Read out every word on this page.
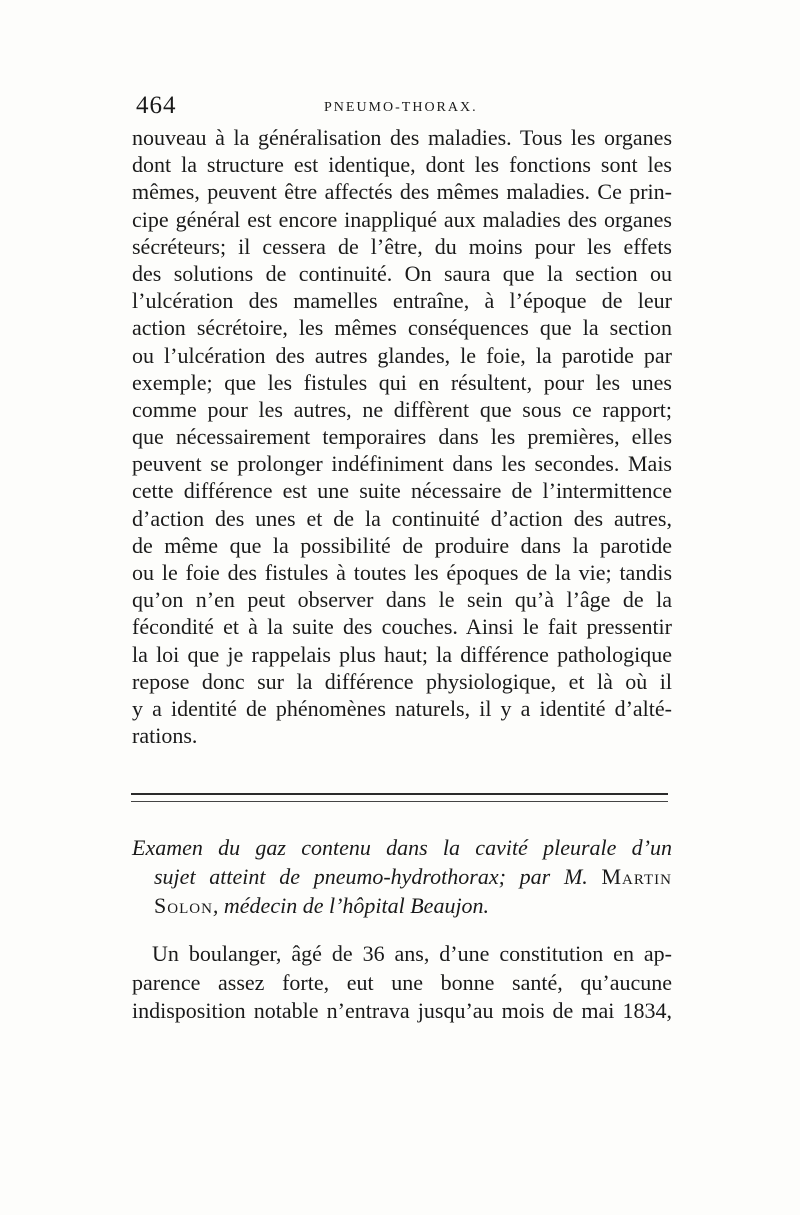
464	PNEUMO-THORAX.
nouveau à la généralisation des maladies. Tous les organes
dont la structure est identique, dont les fonctions sont les
mêmes, peuvent être affectés des mêmes maladies. Ce prin-
cipe général est encore inappliqué aux maladies des organes
sécréteurs; il cessera de l’être, du moins pour les effets
des solutions de continuité. On saura que la section ou
l’ulcération des mamelles entraîne, à l’époque de leur
action sécrétoire, les mêmes conséquences que la section
ou l’ulcération des autres glandes, le foie, la parotide par
exemple; que les fistules qui en résultent, pour les unes
comme pour les autres, ne diffèrent que sous ce rapport;
que nécessairement temporaires dans les premières, elles
peuvent se prolonger indéfiniment dans les secondes. Mais
cette différence est une suite nécessaire de l’intermittence
d’action des unes et de la continuité d’action des autres,
de même que la possibilité de produire dans la parotide
ou le foie des fistules à toutes les époques de la vie; tandis
qu’on n’en peut observer dans le sein qu’à l’âge de la
fécondité et à la suite des couches. Ainsi le fait pressentir
la loi que je rappelais plus haut; la différence pathologique
repose donc sur la différence physiologique, et là où il
y a identité de phénomènes naturels, il y a identité d’alté-
rations.
Examen du gaz contenu dans la cavité pleurale d’un
sujet atteint de pneumo-hydrothorax; par M. Martin
Solon, médecin de l’hôpital Beaujon.
Un boulanger, âgé de 36 ans, d’une constitution en ap-
parence assez forte, eut une bonne santé, qu’aucune
indisposition notable n’entrava jusqu’au mois de mai 1834,
